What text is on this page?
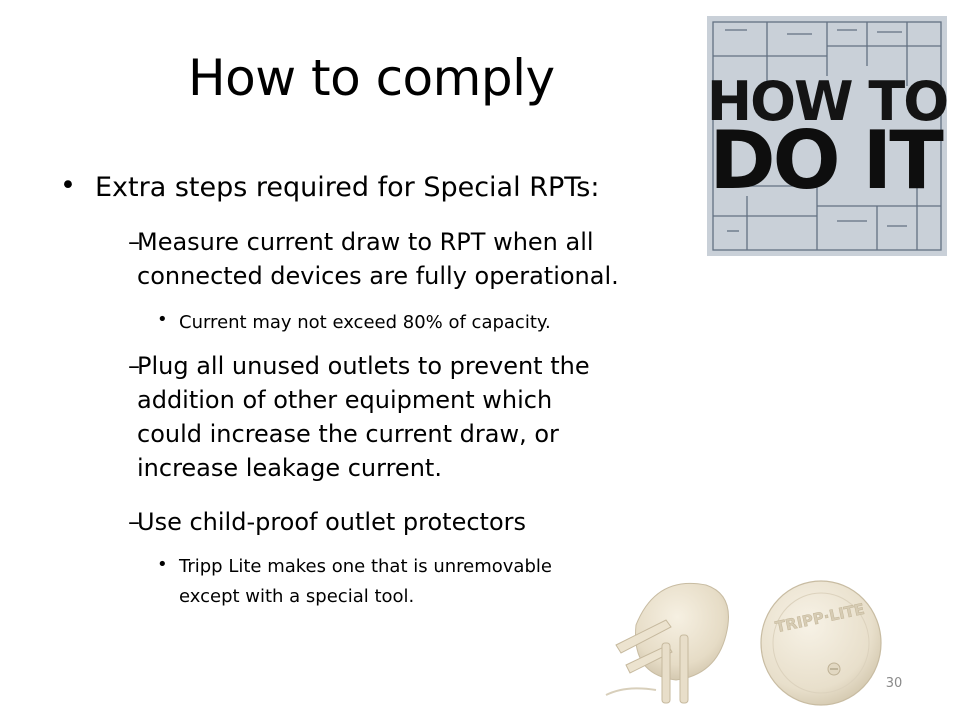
How to comply	HOW TO
DO IT
• Extra steps required for Special RPTs:
–
Measure current draw to RPT when all
connected devices are fully operational.
• Current may not exceed 80% of capacity.
–
Plug all unused outlets to prevent the
addition of other equipment which
could increase the current draw, or
increase leakage current.
–
Use child-proof outlet protectors
• Tripp Lite makes one that is unremovable
except with a special tool.
TRIPP·LITE
30
